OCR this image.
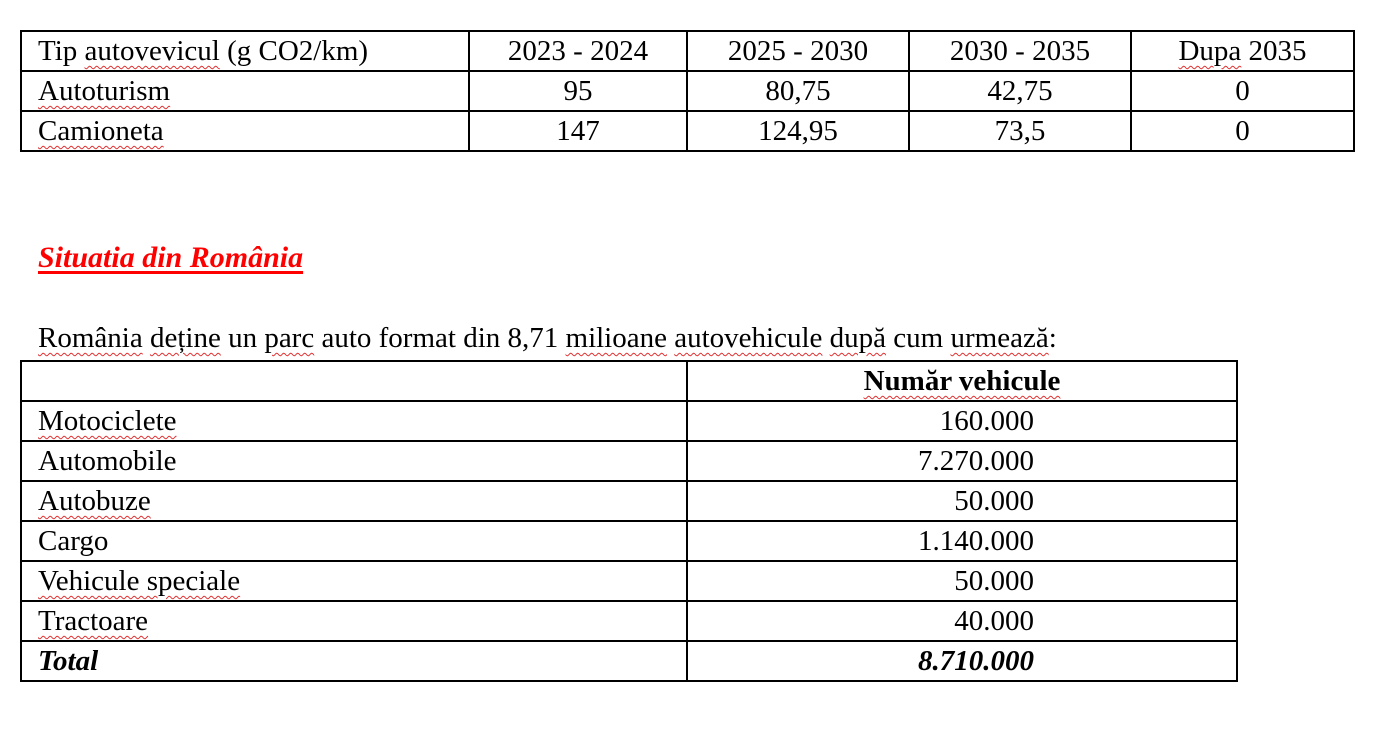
Tip autovevicul (g CO2/km)	2023 - 2024	2025 - 2030	2030 - 2035	Dupa 2035
Autoturism	95	80,75	42,75	0
Camioneta	147	124,95	73,5	0

Situatia din România

România deține un parc auto format din 8,71 milioane autovehicule după cum urmează:

	Număr vehicule
Motociclete	160.000
Automobile	7.270.000
Autobuze	50.000
Cargo	1.140.000
Vehicule speciale	50.000
Tractoare	40.000
Total	8.710.000
